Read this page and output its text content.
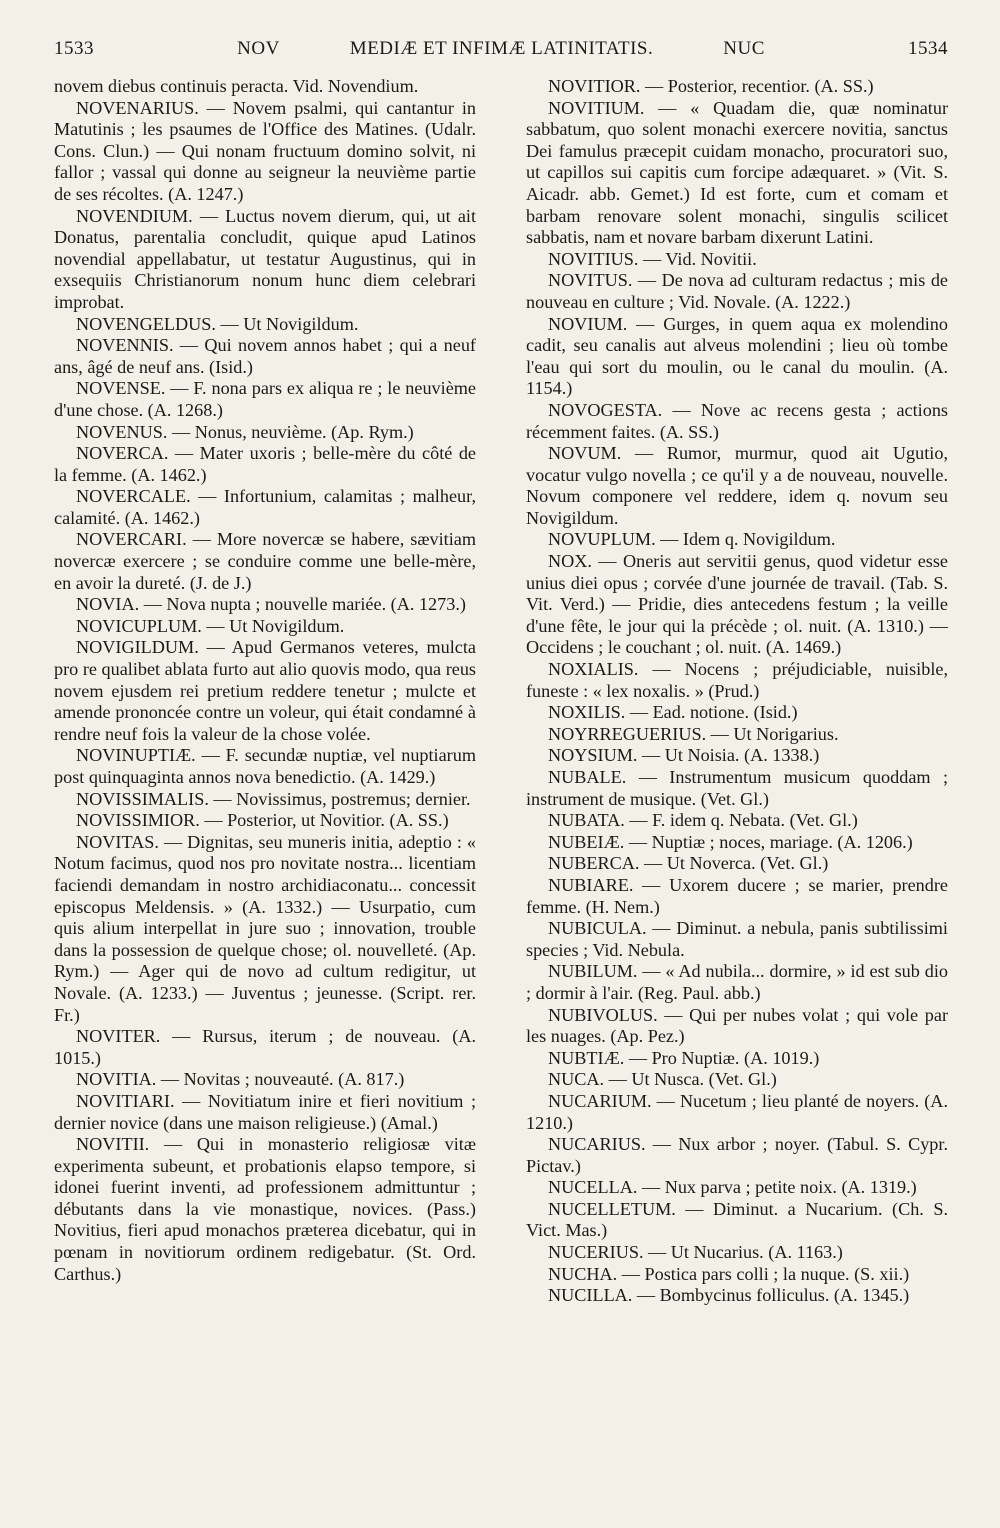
1533	NOV	MEDIÆ ET INFIMÆ LATINITATIS.	NUC	1534

novem diebus continuis peracta. Vid. Novendium.

NOVENARIUS. — Novem psalmi, qui cantantur in Matutinis ; les psaumes de l'Office des Matines. (Udalr. Cons. Clun.) — Qui nonam fructuum domino solvit, ni fallor ; vassal qui donne au seigneur la neuvième partie de ses récoltes. (A. 1247.)

NOVENDIUM. — Luctus novem dierum, qui, ut ait Donatus, parentalia concludit, quique apud Latinos novendial appellabatur, ut testatur Augustinus, qui in exsequiis Christianorum nonum hunc diem celebrari improbat.

NOVENGELDUS. — Ut Novigildum.

NOVENNIS. — Qui novem annos habet ; qui a neuf ans, âgé de neuf ans. (Isid.)

NOVENSE. — F. nona pars ex aliqua re ; le neuvième d'une chose. (A. 1268.)

NOVENUS. — Nonus, neuvième. (Ap. Rym.)

NOVERCA. — Mater uxoris ; belle-mère du côté de la femme. (A. 1462.)

NOVERCALE. — Infortunium, calamitas ; malheur, calamité. (A. 1462.)

NOVERCARI. — More novercæ se habere, sævitiam novercæ exercere ; se conduire comme une belle-mère, en avoir la dureté. (J. de J.)

NOVIA. — Nova nupta ; nouvelle mariée. (A. 1273.)

NOVICUPLUM. — Ut Novigildum.

NOVIGILDUM. — Apud Germanos veteres, mulcta pro re qualibet ablata furto aut alio quovis modo, qua reus novem ejusdem rei pretium reddere tenetur ; mulcte et amende prononcée contre un voleur, qui était condamné à rendre neuf fois la valeur de la chose volée.

NOVINUPTIÆ. — F. secundæ nuptiæ, vel nuptiarum post quinquaginta annos nova benedictio. (A. 1429.)

NOVISSIMALIS. — Novissimus, postremus; dernier.

NOVISSIMIOR. — Posterior, ut Novitior. (A. SS.)

NOVITAS. — Dignitas, seu muneris initia, adeptio : « Notum facimus, quod nos pro novitate nostra... licentiam faciendi demandam in nostro archidiaconatu... concessit episcopus Meldensis. » (A. 1332.) — Usurpatio, cum quis alium interpellat in jure suo ; innovation, trouble dans la possession de quelque chose; ol. nouvelleté. (Ap. Rym.) — Ager qui de novo ad cultum redigitur, ut Novale. (A. 1233.) — Juventus ; jeunesse. (Script. rer. Fr.)

NOVITER. — Rursus, iterum ; de nouveau. (A. 1015.)

NOVITIA. — Novitas ; nouveauté. (A. 817.)

NOVITIARI. — Novitiatum inire et fieri novitium ; dernier novice (dans une maison religieuse.) (Amal.)

NOVITII. — Qui in monasterio religiosæ vitæ experimenta subeunt, et probationis elapso tempore, si idonei fuerint inventi, ad professionem admittuntur ; débutants dans la vie monastique, novices. (Pass.) Novitius, fieri apud monachos præterea dicebatur, qui in pœnam in novitiorum ordinem redigebatur. (St. Ord. Carthus.)

NOVITIOR. — Posterior, recentior. (A. SS.)

NOVITIUM. — « Quadam die, quæ nominatur sabbatum, quo solent monachi exercere novitia, sanctus Dei famulus præcepit cuidam monacho, procuratori suo, ut capillos sui capitis cum forcipe adæquaret. » (Vit. S. Aicadr. abb. Gemet.) Id est forte, cum et comam et barbam renovare solent monachi, singulis scilicet sabbatis, nam et novare barbam dixerunt Latini.

NOVITIUS. — Vid. Novitii.

NOVITUS. — De nova ad culturam redactus ; mis de nouveau en culture ; Vid. Novale. (A. 1222.)

NOVIUM. — Gurges, in quem aqua ex molendino cadit, seu canalis aut alveus molendini ; lieu où tombe l'eau qui sort du moulin, ou le canal du moulin. (A. 1154.)

NOVOGESTA. — Nove ac recens gesta ; actions récemment faites. (A. SS.)

NOVUM. — Rumor, murmur, quod ait Ugutio, vocatur vulgo novella ; ce qu'il y a de nouveau, nouvelle. Novum componere vel reddere, idem q. novum seu Novigildum.

NOVUPLUM. — Idem q. Novigildum.

NOX. — Oneris aut servitii genus, quod videtur esse unius diei opus ; corvée d'une journée de travail. (Tab. S. Vit. Verd.) — Pridie, dies antecedens festum ; la veille d'une fête, le jour qui la précède ; ol. nuit. (A. 1310.) — Occidens ; le couchant ; ol. nuit. (A. 1469.)

NOXIALIS. — Nocens ; préjudiciable, nuisible, funeste : « lex noxalis. » (Prud.)

NOXILIS. — Ead. notione. (Isid.)

NOYRREGUERIUS. — Ut Norigarius.

NOYSIUM. — Ut Noisia. (A. 1338.)

NUBALE. — Instrumentum musicum quoddam ; instrument de musique. (Vet. Gl.)

NUBATA. — F. idem q. Nebata. (Vet. Gl.)

NUBEIÆ. — Nuptiæ ; noces, mariage. (A. 1206.)

NUBERCA. — Ut Noverca. (Vet. Gl.)

NUBIARE. — Uxorem ducere ; se marier, prendre femme. (H. Nem.)

NUBICULA. — Diminut. a nebula, panis subtilissimi species ; Vid. Nebula.

NUBILUM. — « Ad nubila... dormire, » id est sub dio ; dormir à l'air. (Reg. Paul. abb.)

NUBIVOLUS. — Qui per nubes volat ; qui vole par les nuages. (Ap. Pez.)

NUBTIÆ. — Pro Nuptiæ. (A. 1019.)

NUCA. — Ut Nusca. (Vet. Gl.)

NUCARIUM. — Nucetum ; lieu planté de noyers. (A. 1210.)

NUCARIUS. — Nux arbor ; noyer. (Tabul. S. Cypr. Pictav.)

NUCELLA. — Nux parva ; petite noix. (A. 1319.)

NUCELLETUM. — Diminut. a Nucarium. (Ch. S. Vict. Mas.)

NUCERIUS. — Ut Nucarius. (A. 1163.)

NUCHA. — Postica pars colli ; la nuque. (S. xii.)

NUCILLA. — Bombycinus folliculus. (A. 1345.)
